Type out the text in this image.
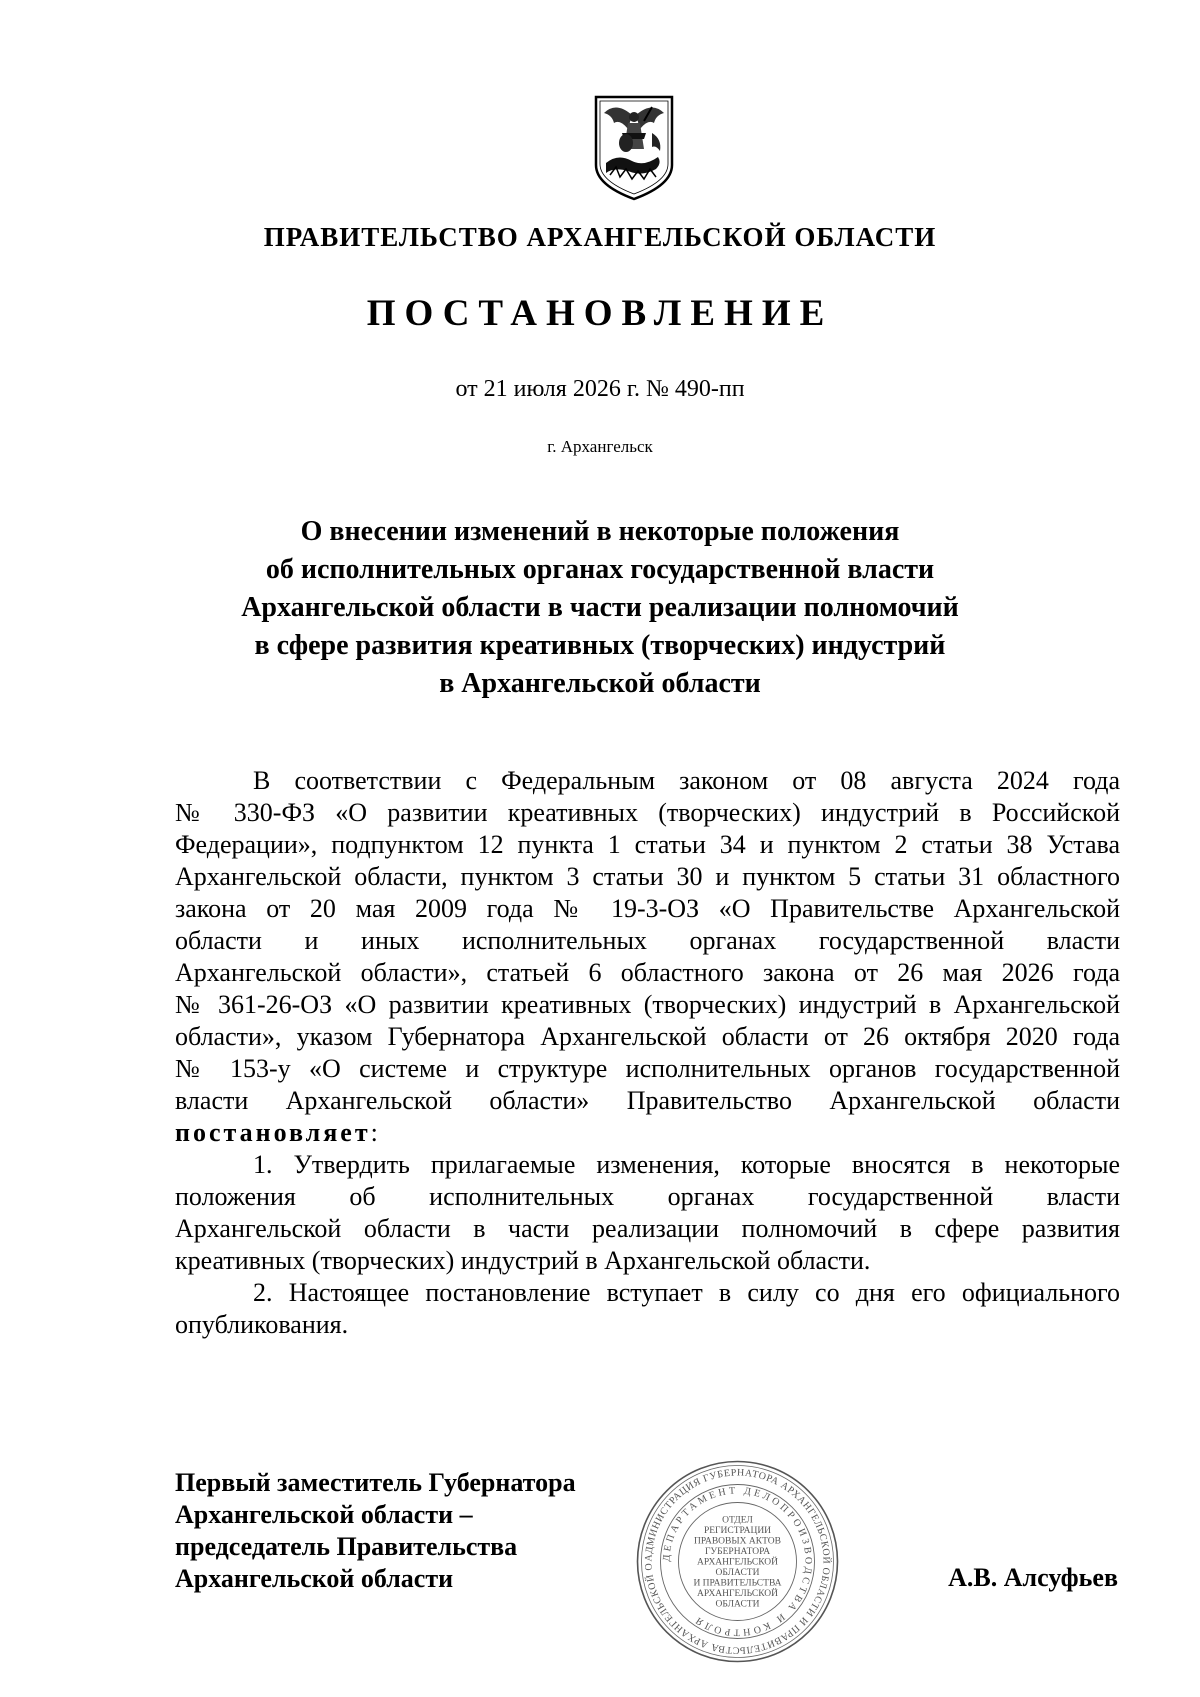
ПРАВИТЕЛЬСТВО АРХАНГЕЛЬСКОЙ ОБЛАСТИ
ПОСТАНОВЛЕНИЕ
от 21 июля 2026 г. № 490-пп
г. Архангельск
О внесении изменений в некоторые положения
об исполнительных органах государственной власти
Архангельской области в части реализации полномочий
в сфере развития креативных (творческих) индустрий
в Архангельской области

В соответствии с Федеральным законом от 08 августа 2024 года
№ 330-ФЗ «О развитии креативных (творческих) индустрий в Российской
Федерации», подпунктом 12 пункта 1 статьи 34 и пунктом 2 статьи 38 Устава
Архангельской области, пунктом 3 статьи 30 и пунктом 5 статьи 31 областного
закона от 20 мая 2009 года № 19-3-ОЗ «О Правительстве Архангельской
области и иных исполнительных органах государственной власти
Архангельской области», статьей 6 областного закона от 26 мая 2026 года
№ 361-26-ОЗ «О развитии креативных (творческих) индустрий в Архангельской
области», указом Губернатора Архангельской области от 26 октября 2020 года
№ 153-у «О системе и структуре исполнительных органов государственной
власти Архангельской области» Правительство Архангельской области
постановляет:

1. Утвердить прилагаемые изменения, которые вносятся в некоторые
положения об исполнительных органах государственной власти
Архангельской области в части реализации полномочий в сфере развития
креативных (творческих) индустрий в Архангельской области.

2. Настоящее постановление вступает в силу со дня его официального
опубликования.

Первый заместитель Губернатора
Архангельской области –
председатель Правительства
Архангельской области
АДМИНИСТРАЦИЯ ГУБЕРНАТОРА АРХАНГЕЛЬСКОЙ ОБЛАСТИ И ПРАВИТЕЛЬСТВА АРХАНГЕЛЬСКОЙ О
ДЕПАРТАМЕНТ ДЕЛОПРОИЗВОДСТВА И КОНТРОЛЯ
ОТДЕЛ
РЕГИСТРАЦИИ
ПРАВОВЫХ АКТОВ
ГУБЕРНАТОРА
АРХАНГЕЛЬСКОЙ
ОБЛАСТИ
И ПРАВИТЕЛЬСТВА
АРХАНГЕЛЬСКОЙ
ОБЛАСТИ
А.В. Алсуфьев
